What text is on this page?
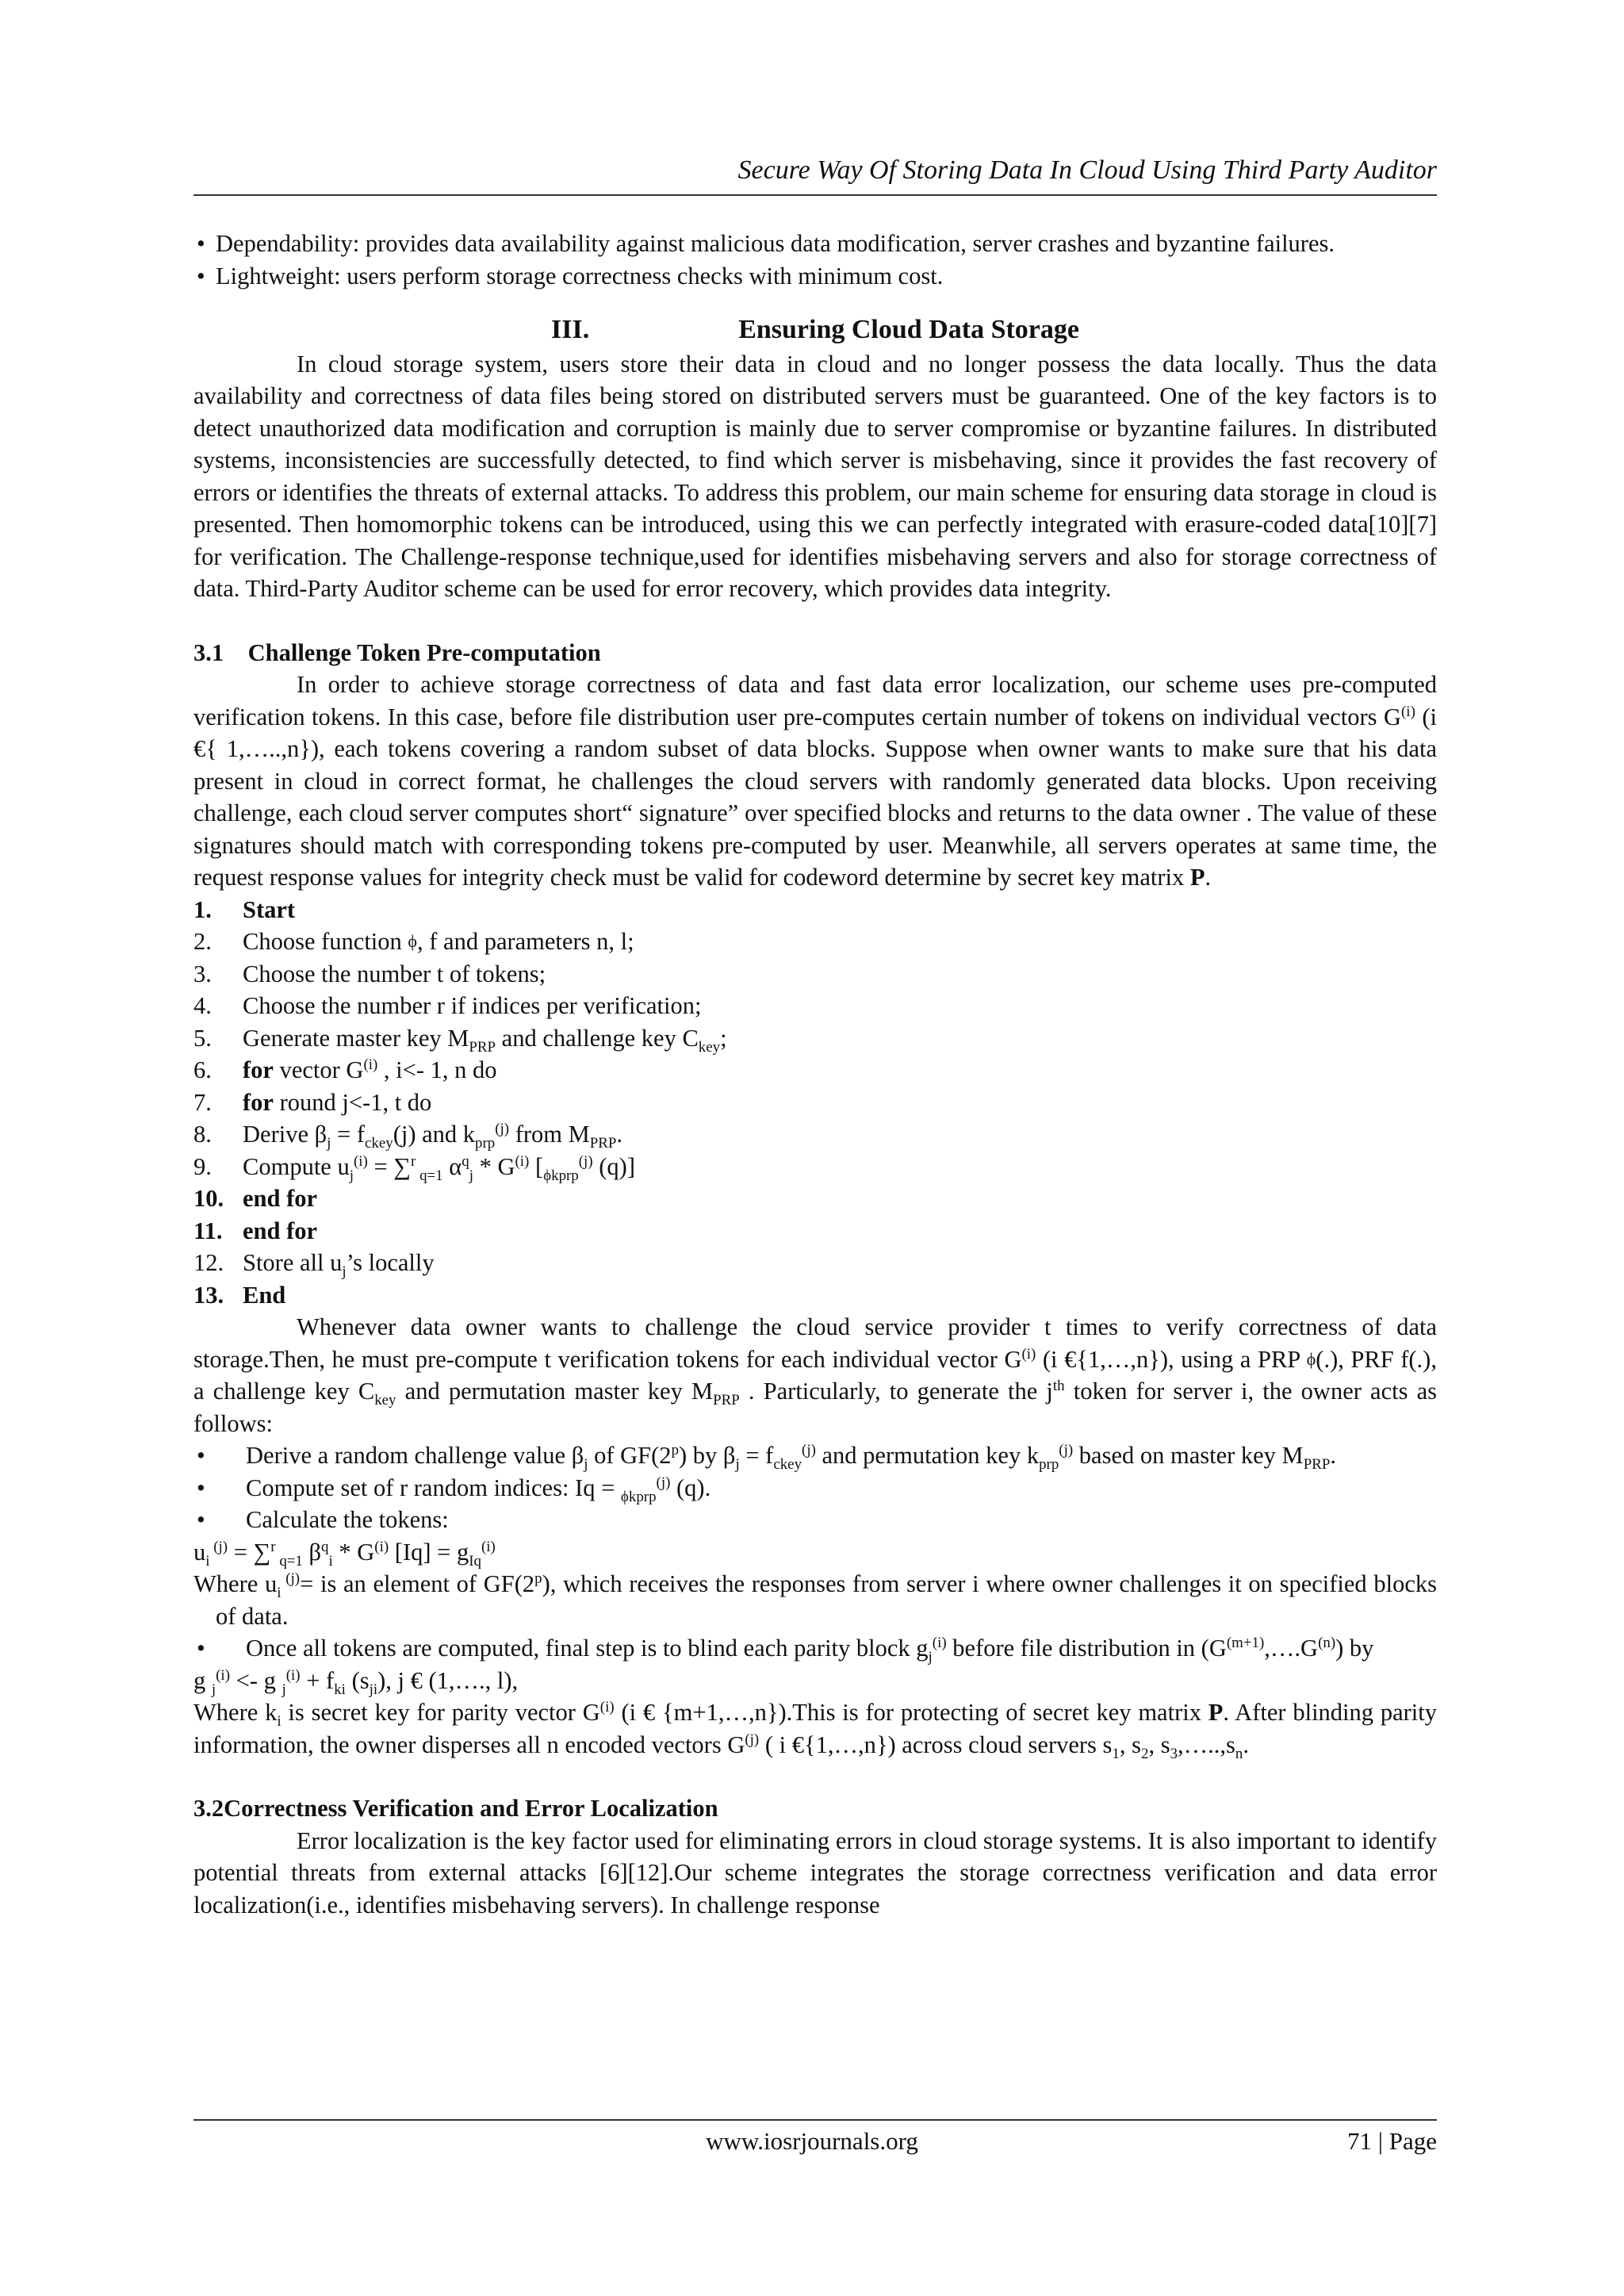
Secure Way Of Storing Data In Cloud Using Third Party Auditor

• Dependability: provides data availability against malicious data modification, server crashes and byzantine failures.

• Lightweight: users perform storage correctness checks with minimum cost.

III.	Ensuring Cloud Data Storage

In cloud storage system, users store their data in cloud and no longer possess the data locally. Thus the data availability and correctness of data files being stored on distributed servers must be guaranteed. One of the key factors is to detect unauthorized data modification and corruption is mainly due to server compromise or byzantine failures. In distributed systems, inconsistencies are successfully detected, to find which server is misbehaving, since it provides the fast recovery of errors or identifies the threats of external attacks. To address this problem, our main scheme for ensuring data storage in cloud is presented. Then homomorphic tokens can be introduced, using this we can perfectly integrated with erasure-coded data[10][7] for verification. The Challenge-response technique,used for identifies misbehaving servers and also for storage correctness of data. Third-Party Auditor scheme can be used for error recovery, which provides data integrity.

3.1 Challenge Token Pre-computation

In order to achieve storage correctness of data and fast data error localization, our scheme uses pre-computed verification tokens. In this case, before file distribution user pre-computes certain number of tokens on individual vectors $G^{(i)}$ (i €{ 1,…..,n}), each tokens covering a random subset of data blocks. Suppose when owner wants to make sure that his data present in cloud in correct format, he challenges the cloud servers with randomly generated data blocks. Upon receiving challenge, each cloud server computes short“ signature” over specified blocks and returns to the data owner . The value of these signatures should match with corresponding tokens pre-computed by user. Meanwhile, all servers operates at same time, the request response values for integrity check must be valid for codeword determine by secret key matrix P.

1. Start
2. Choose function $^\phi$, f and parameters n, l;
3. Choose the number t of tokens;
4. Choose the number r if indices per verification;
5. Generate master key $M_{PRP}$ and challenge key $C_{key}$;
6. for vector $G^{(i)}$ , i<- 1, n do
7. for round j<-1, t do
8. Derive $\beta_j = f_{ckey}(j)$ and $k_{prp}^{(j)}$ from $M_{PRP}$.
9. Compute $u_j^{(i)} = \sum^r$ $_{q=1}$ $\alpha^q_j * G^{(i)}$ [$_{\phi kprp}^{(j)}$ (q)]
10. end for
11. end for
12. Store all $u_j’s$ locally
13. End

Whenever data owner wants to challenge the cloud service provider t times to verify correctness of data storage.Then, he must pre-compute t verification tokens for each individual vector $G^{(i)}$ (i €{1,…,n}), using a PRP $^\phi$(.), PRF f(.), a challenge key $C_{key}$ and permutation master key $M_{PRP}$ . Particularly, to generate the $j^{th}$ token for server i, the owner acts as follows:

• Derive a random challenge value $\beta_j$ of GF(2$^p$) by $\beta_j = f_{ckey}^{(j)}$ and permutation key $k_{prp}^{(j)}$ based on master key $M_{PRP}$.

• Compute set of r random indices: Iq = $_{\phi kprp}^{(j)}$ (q).

• Calculate the tokens:

$u_i$ $^{(j)}$ = ∑$^r$ $_{q=1}$ $\beta^q_i * G^{(i)}$ $[Iq] = g_{Iq}^{(i)}$

Where $u_i$ $^{(j)}$= is an element of GF(2$^p$), which receives the responses from server i where owner challenges it on specified blocks of data.

• Once all tokens are computed, final step is to blind each parity block $g_j^{(i)}$ before file distribution in $(G^{(m+1)},\dots.G^{(n)})$ by

g $_j^{(i)}$ <- g $_j^{(i)} + f_{ki}$ $(s_{ji})$, j € (1,…., l),

Where $k_i$ is secret key for parity vector $G^{(i)}$ (i € {m+1,…,n}).This is for protecting of secret key matrix P. After blinding parity information, the owner disperses all n encoded vectors $G^{(j)}$ ( i €{1,…,n}) across cloud servers $s_1$, $s_2$, $s_3,\dots..,s_n$.

3.2Correctness Verification and Error Localization

Error localization is the key factor used for eliminating errors in cloud storage systems. It is also important to identify potential threats from external attacks [6][12].Our scheme integrates the storage correctness verification and data error localization(i.e., identifies misbehaving servers). In challenge response

www.iosrjournals.org	71 | Page
